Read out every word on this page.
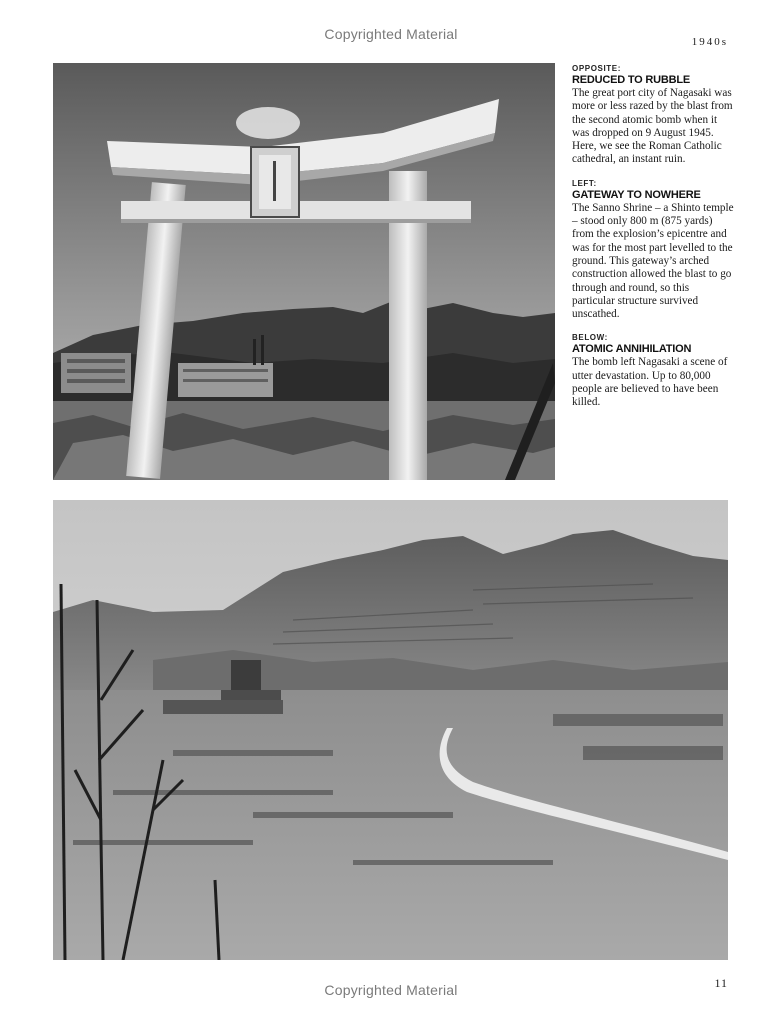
Copyrighted Material	1940s
OPPOSITE:
REDUCED TO RUBBLE
The great port city of Nagasaki was more or less razed by the blast from the second atomic bomb when it was dropped on 9 August 1945. Here, we see the Roman Catholic cathedral, an instant ruin.
LEFT:
GATEWAY TO NOWHERE
The Sanno Shrine – a Shinto temple – stood only 800 m (875 yards) from the explosion’s epicentre and was for the most part levelled to the ground. This gateway’s arched construction allowed the blast to go through and round, so this particular structure survived unscathed.
BELOW:
ATOMIC ANNIHILATION
The bomb left Nagasaki a scene of utter devastation. Up to 80,000 people are believed to have been killed.
11
Copyrighted Material
